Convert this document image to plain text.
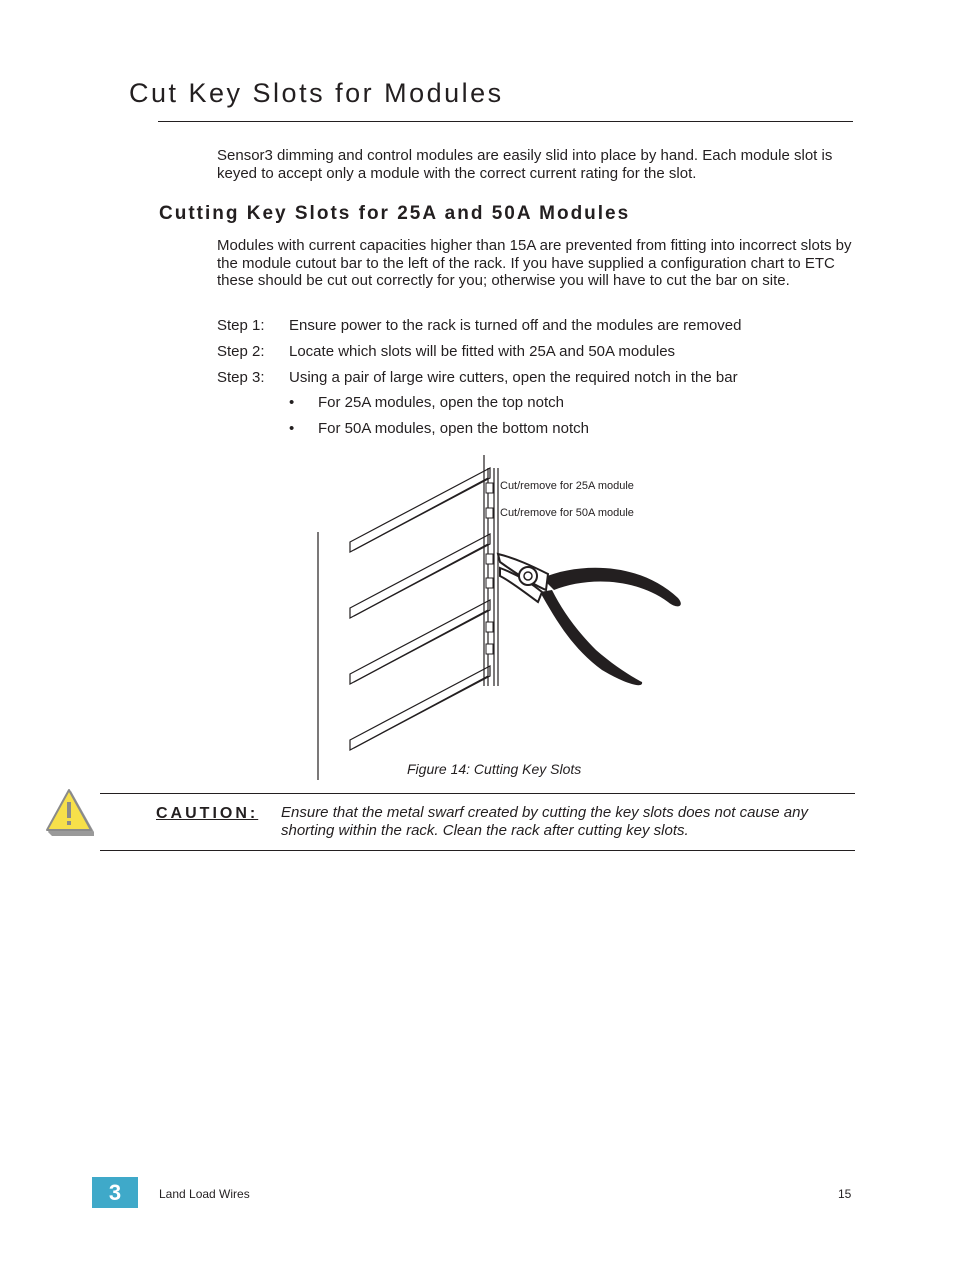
Cut Key Slots for Modules
Sensor3 dimming and control modules are easily slid into place by hand. Each module slot is keyed to accept only a module with the correct current rating for the slot.
Cutting Key Slots for 25A and 50A Modules
Modules with current capacities higher than 15A are prevented from fitting into incorrect slots by the module cutout bar to the left of the rack. If you have supplied a configuration chart to ETC these should be cut out correctly for you; otherwise you will have to cut the bar on site.
Step 1: Ensure power to the rack is turned off and the modules are removed
Step 2: Locate which slots will be fitted with 25A and 50A modules
Step 3: Using a pair of large wire cutters, open the required notch in the bar
• For 25A modules, open the top notch
• For 50A modules, open the bottom notch
Cut/remove for 25A module
Cut/remove for 50A module
Figure 14: Cutting Key Slots
CAUTION: Ensure that the metal swarf created by cutting the key slots does not cause any shorting within the rack. Clean the rack after cutting key slots.
3	Land Load Wires	15
